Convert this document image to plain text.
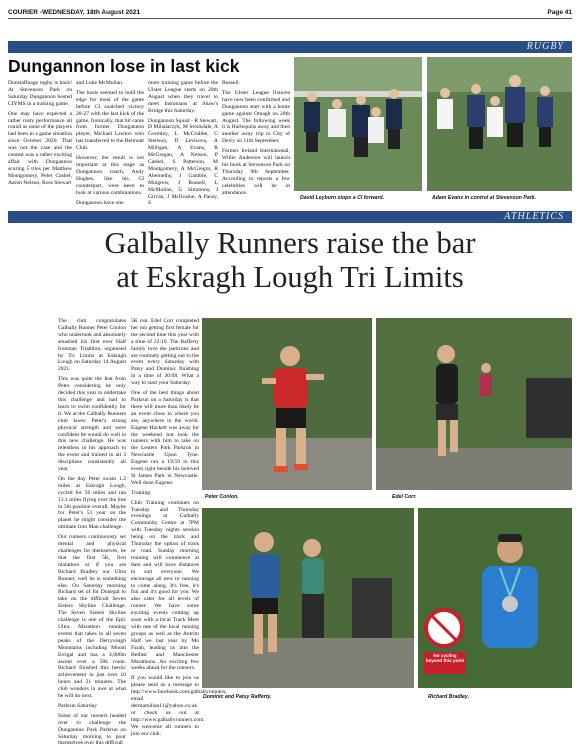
COURIER -WEDNESDAY, 18th August 2021	Page 41
RUGBY
Dungannon lose in last kick

Dunstaffnage rugby is back! At Stevenson Park on Saturday Dungannon hosted CIYMS in a training game.

One may have expected a rather rusty performance all round as none of the players had been in a game situation since October 2020. That was not the case and the contest was a rather exciting affair with Dungannon scoring 5 tries per Matthew Montgomery, Peter Cashel, Aaron Nelson, Ross Stewart

and Luke McMullan.

The hosts seemed to hold the edge for most of the game before CI snatched victory 28-27 with the last kick of the game. Ironically, that hit came from former Dungannon player, Michael Lawton who has transferred to the Belmont Club.

However, the result is not important at this stage as Dungannon coach, Andy Hughes, like his CI counterpart, were keen to look at various combinations.

Dungannon have one

more training game before the Ulster League starts on 28th August when they travel to meet Instonians at Shaw's Bridge this Saturday.

Dungannon Squad - R Stewart, D Mihalaczyk, M Stockdale, A Gormley, L McCrubbe, C Stetison, D Levlsova, A Milligan, A Evans, R McGregan, A Nelson, P Cashel, S Patterson, M Montgomery, A McGregor, R Abernethy, J Gamble, C Mulgrew, J Russell, L McMullan, G Simmons, J Girvan, J McIlvaine, A Pacey, S

Russell.

The Ulster League fixtures have now been confirmed and Dungannon start with a home game against Omagh on 28th August. The following week it is Harlequins away and then another away trip to City of Derry on 11th September.

Former Ireland International, Willie Anderson will launch his book at Stevenson Park on Thursday 9th September. According to reports a few celebrities will be in attendance.

David Leyburn stops a CI forward.	Adam Evans in control at Stevenson Park.
ATHLETICS
Galbally Runners raise the bar
at Eskragh Lough Tri Limits

The club congratulates Galbally Runner Peter Conlon who undertook and absolutely smashed his first ever Half Ironman Triathlon, organised by Tri Limits at Eskragh Lough on Saturday 14 August 2021.

This was quite the feat from Peter considering he only decided this year to undertake this challenge and had to learn to swim confidently for it. We at the Galbally Runners club know Peter's strong physical strength and were confident he would do well in this new challenge. He was relentless in his approach to the event and trained in all 3 disciplines consistently all year.

On the day Peter swam 1.2 miles at Eskragh Lough, cycled for 56 miles and ran 13.1 miles flying over the line in 5th position overall. Maybe for Peter's 51 year on the planet he might consider the ultimate Iron Man challenge.

Our runners continuously set mental and physical challenges for themselves, be that the first 5K, first marathon or if you are Richard Bradley our Ultra Runner, well he is something else. On Saturday morning Richard set of for Donegal to take on the difficult Seven Sisters Skyline Challenge. The Seven Sisters Skyline challenge is one of the Epic Ultra Marathon running events that takes in all seven peaks of the Derryveagh Mountains including Mount Errigal and has a 4,000m ascent over a 58k route. Richard finished this heroic achievement in just over 10 hours and 21 minutes. The club wonders in awe at what he will do next.

Parkrun Saturday

Some of our runners headed over to challenge the Dungannon Park Parkrun on Saturday morning to pour themselves over this difficult

5K run. Edel Corr completed her run getting first female for the second time this year with a time of 22:19. The Rafferty family love the parkruns and are routinely getting out to the event every Saturday with Patsy and Dominic finishing in a time of 30:08. What a way to start your Saturday.

One of the best things about Parkrun on a Saturday is that there will more than likely be an event close to where you are, anywhere in the world. Eugene Hackett was away for the weekend but took the runners with him to take on the Lesters Park Parkrun in Newcastle Upon Tyne. Eugene ran a 19:59 in this event right beside his beloved St James Park in Newcastle. Well done Eugene.

Training

Club Training continues on Tuesday and Thursday evenings at Galbally Community Centre at 7PM with Tuesday nights session being on the track and Thursday the option of track or road. Sunday morning training will commence at 8am and will have distances to suit everyone. We encourage all new to running to come along. It's free, it's fun and it's good for you. We also cater for all levels of runner. We have some exciting events coming up soon with a local Track Meet with one of the local running groups as well as the Antrim Half we last year by Mo Farah, leading us into the Belfast and Manchester Marathons. An exciting few weeks ahead for the runners.

If you would like to join us please send us a message to http://www.facebook.com/galballyrunners, email dermamillan11@yahoo.co.uk or check us out at http://www.galballyrunners.com. We welcome all runners to join our club.

Peter Conlon.	Edel Corr.
Dominic and Patsy Rafferty.
No cycling beyond this point
Richard Bradley.
